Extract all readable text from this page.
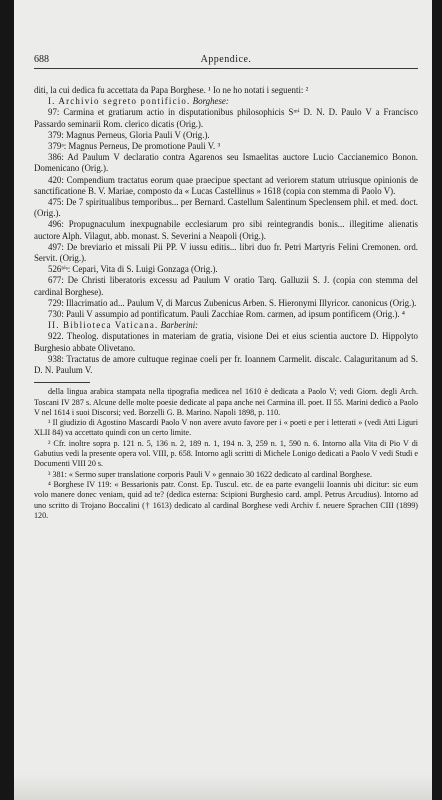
688	Appendice.

diti, la cui dedica fu accettata da Papa Borghese. ¹ Io ne ho notati i seguenti: ²

I. Archivio segreto pontificio. Borghese:

97: Carmina et gratiarum actio in disputationibus philosophicis Sᵐⁱ D. N. D. Paulo V a Francisco Passardo seminarii Rom. clerico dicatis (Orig.).

379: Magnus Perneus, Gloria Pauli V (Orig.).

379ᵃ: Magnus Perneus, De promotione Pauli V. ³

386: Ad Paulum V declaratio contra Agarenos seu Ismaelitas auctore Lucio Caccianemico Bonon. Domenicano (Orig.).

420: Compendium tractatus eorum quae praecipue spectant ad veriorem statum utriusque opinionis de sanctificatione B. V. Mariae, composto da « Lucas Castellinus » 1618 (copia con stemma di Paolo V).

475: De 7 spiritualibus temporibus... per Bernard. Castellum Salentinum Speclensem phil. et med. doct. (Orig.).

496: Propugnaculum inexpugnabile ecclesiarum pro sibi reintegrandis bonis... illegitime alienatis auctore Alph. Vilagut, abb. monast. S. Severini a Neapoli (Orig.).

497: De breviario et missali Pii PP. V iussu editis... libri duo fr. Petri Martyris Felini Cremonen. ord. Servit. (Orig.).

526ᵇⁱˢ: Cepari, Vita di S. Luigi Gonzaga (Orig.).

677: De Christi liberatoris excessu ad Paulum V oratio Tarq. Galluzii S. J. (copia con stemma del cardinal Borghese).

729: Illacrimatio ad... Paulum V, di Marcus Zubenicus Arben. S. Hieronymi Illyricor. canonicus (Orig.).

730: Pauli V assumpio ad pontificatum. Pauli Zacchiae Rom. carmen, ad ipsum pontificem (Orig.). ⁴

II. Biblioteca Vaticana. Barberini:

922. Theolog. disputationes in materiam de gratia, visione Dei et eius scientia auctore D. Hippolyto Burghesio abbate Olivetano.

938: Tractatus de amore cultuque reginae coeli per fr. Ioannem Carmelit. discalc. Calaguritanum ad S. D. N. Paulum V.

della lingua arabica stampata nella tipografia medicea nel 1610 è dedicata a Paolo V; vedi Giorn. degli Arch. Toscani IV 287 s. Alcune delle molte poesie dedicate al papa anche nei Carmina ill. poet. II 55. Marini dedicò a Paolo V nel 1614 i suoi Discorsi; ved. Borzelli G. B. Marino. Napoli 1898, p. 110.

¹ Il giudizio di Agostino Mascardi Paolo V non avere avuto favore per i « poeti e per i letterati » (vedi Atti Liguri XLII 84) va accettato quindi con un certo limite.

² Cfr. inoltre sopra p. 121 n. 5, 136 n. 2, 189 n. 1, 194 n. 3, 259 n. 1, 590 n. 6. Intorno alla Vita di Pio V di Gabutius vedi la presente opera vol. VIII, p. 658. Intorno agli scritti di Michele Lonigo dedicati a Paolo V vedi Studi e Documenti VIII 20 s.

³ 381: « Sermo super translatione corporis Pauli V » gennaio 30 1622 dedicato al cardinal Borghese.

⁴ Borghese IV 119: « Bessarionis patr. Const. Ep. Tuscul. etc. de ea parte evangelii Ioannis ubi dicitur: sic eum volo manere donec veniam, quid ad te? (dedica esterna: Scipioni Burghesio card. ampl. Petrus Arcudius). Intorno ad uno scritto di Trojano Boccalini († 1613) dedicato al cardinal Borghese vedi Archiv f. neuere Sprachen CIII (1899) 120.
